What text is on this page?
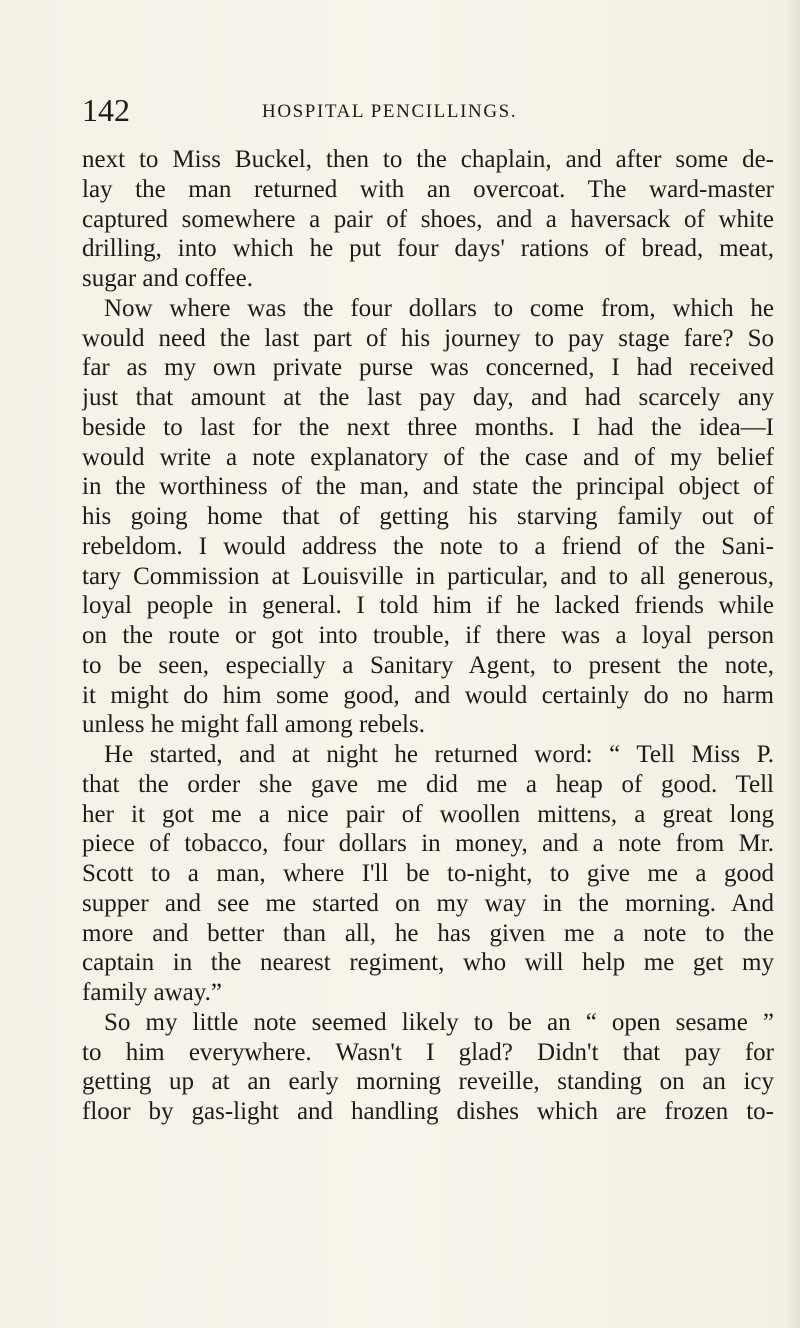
142	HOSPITAL PENCILLINGS.
next to Miss Buckel, then to the chaplain, and after some de-
lay the man returned with an overcoat. The ward-master
captured somewhere a pair of shoes, and a haversack of white
drilling, into which he put four days' rations of bread, meat,
sugar and coffee.
Now where was the four dollars to come from, which he
would need the last part of his journey to pay stage fare? So
far as my own private purse was concerned, I had received
just that amount at the last pay day, and had scarcely any
beside to last for the next three months. I had the idea—I
would write a note explanatory of the case and of my belief
in the worthiness of the man, and state the principal object of
his going home that of getting his starving family out of
rebeldom. I would address the note to a friend of the Sani-
tary Commission at Louisville in particular, and to all generous,
loyal people in general. I told him if he lacked friends while
on the route or got into trouble, if there was a loyal person
to be seen, especially a Sanitary Agent, to present the note,
it might do him some good, and would certainly do no harm
unless he might fall among rebels.
He started, and at night he returned word: “ Tell Miss P.
that the order she gave me did me a heap of good. Tell
her it got me a nice pair of woollen mittens, a great long
piece of tobacco, four dollars in money, and a note from Mr.
Scott to a man, where I'll be to-night, to give me a good
supper and see me started on my way in the morning. And
more and better than all, he has given me a note to the
captain in the nearest regiment, who will help me get my
family away.”
So my little note seemed likely to be an “ open sesame ”
to him everywhere. Wasn't I glad? Didn't that pay for
getting up at an early morning reveille, standing on an icy
floor by gas-light and handling dishes which are frozen to-
